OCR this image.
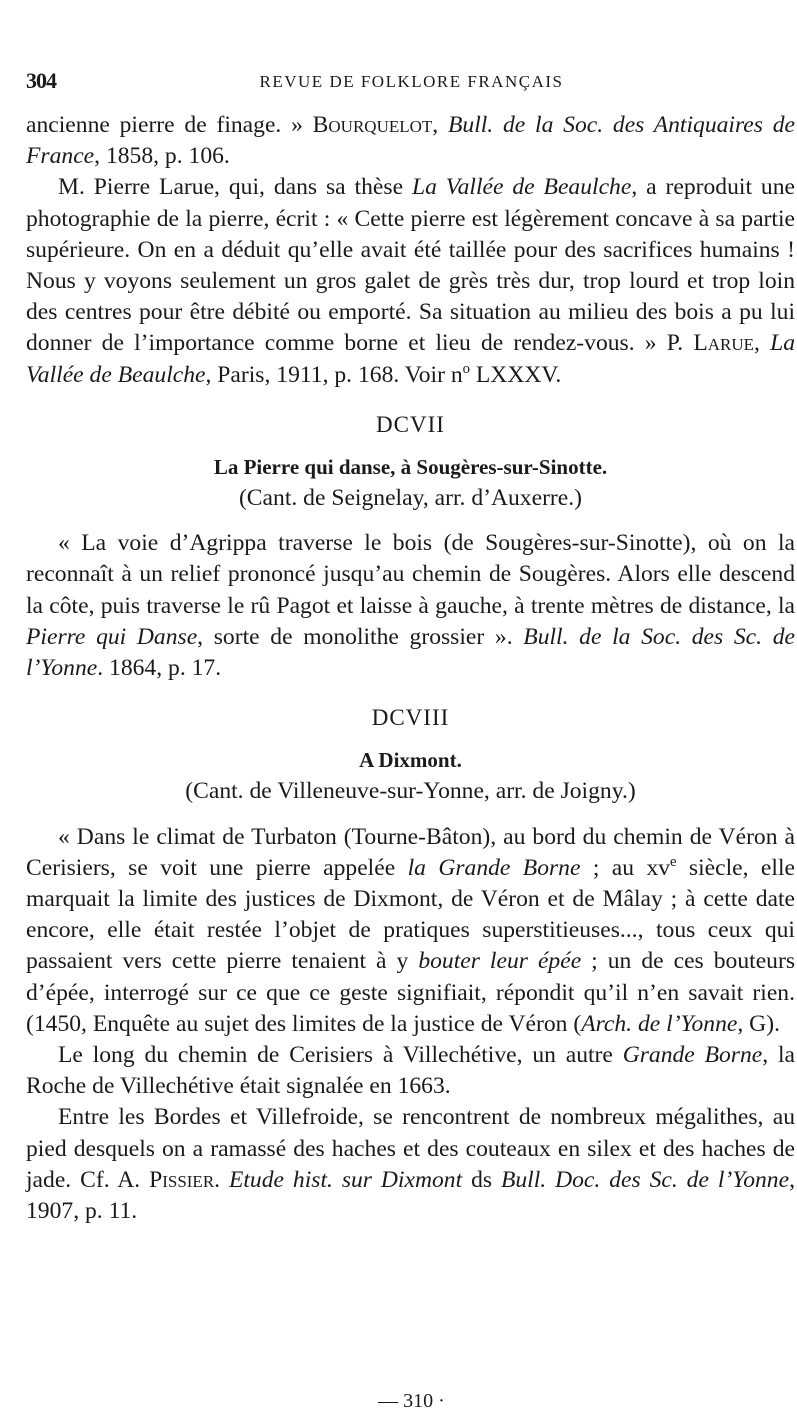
304	REVUE DE FOLKLORE FRANÇAIS

ancienne pierre de finage. » Bourquelot, Bull. de la Soc. des Antiquaires de France, 1858, p. 106.

M. Pierre Larue, qui, dans sa thèse La Vallée de Beaulche, a reproduit une photographie de la pierre, écrit : « Cette pierre est légèrement concave à sa partie supérieure. On en a déduit qu’elle avait été taillée pour des sacrifices humains ! Nous y voyons seulement un gros galet de grès très dur, trop lourd et trop loin des centres pour être débité ou emporté. Sa situation au milieu des bois a pu lui donner de l’importance comme borne et lieu de rendez-vous. » P. Larue, La Vallée de Beaulche, Paris, 1911, p. 168. Voir $n^o$ LXXXV.

DCVII
La Pierre qui danse, à Sougères-sur-Sinotte.
(Cant. de Seignelay, arr. d’Auxerre.)

« La voie d’Agrippa traverse le bois (de Sougères-sur-Sinotte), où on la reconnaît à un relief prononcé jusqu’au chemin de Sougères. Alors elle descend la côte, puis traverse le rû Pagot et laisse à gauche, à trente mètres de distance, la Pierre qui Danse, sorte de monolithe grossier ». Bull. de la Soc. des Sc. de l’Yonne. 1864, p. 17.

DCVIII
A Dixmont.
(Cant. de Villeneuve-sur-Yonne, arr. de Joigny.)

« Dans le climat de Turbaton (Tourne-Bâton), au bord du chemin de Véron à Cerisiers, se voit une pierre appelée la Grande Borne ; au $xv^e$ siècle, elle marquait la limite des justices de Dixmont, de Véron et de Mâlay ; à cette date encore, elle était restée l’objet de pratiques superstitieuses..., tous ceux qui passaient vers cette pierre tenaient à y bouter leur épée ; un de ces bouteurs d’épée, interrogé sur ce que ce geste signifiait, répondit qu’il n’en savait rien. (1450, Enquête au sujet des limites de la justice de Véron (Arch. de l’Yonne, G).

Le long du chemin de Cerisiers à Villechétive, un autre Grande Borne, la Roche de Villechétive était signalée en 1663.

Entre les Bordes et Villefroide, se rencontrent de nombreux mégalithes, au pied desquels on a ramassé des haches et des couteaux en silex et des haches de jade. Cf. A. Pissier. Etude hist. sur Dixmont ds Bull. Doc. des Sc. de l’Yonne, 1907, p. 11.

— 310 ·
